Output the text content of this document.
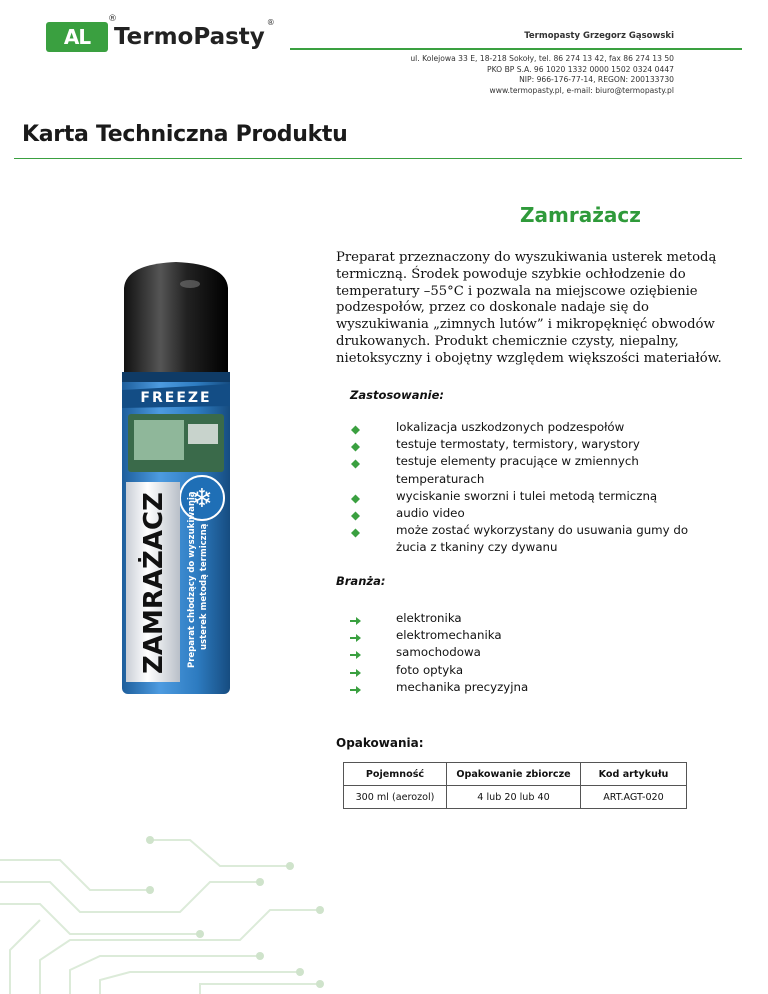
AL
®
TermoPasty
®
Termopasty Grzegorz Gąsowski
ul. Kolejowa 33 E, 18-218 Sokoły, tel. 86 274 13 42, fax 86 274 13 50
PKO BP S.A. 96 1020 1332 0000 1502 0324 0447
NIP: 966-176-77-14, REGON: 200133730
www.termopasty.pl, e-mail: biuro@termopasty.pl
Karta Techniczna Produktu
FREEZE
❄
ZAMRAŻACZ Preparat chłodzący do wyszukiwania usterek metodą termiczną
Zamrażacz
Preparat przeznaczony do wyszukiwania usterek metodą termiczną. Środek powoduje szybkie ochłodzenie do temperatury –55°C i pozwala na miejscowe oziębienie podzespołów, przez co doskonale nadaje się do wyszukiwania „zimnych lutów” i mikropęknięć obwodów drukowanych. Produkt chemicznie czysty, niepalny, nietoksyczny i obojętny względem większości materiałów.
Zastosowanie:
lokalizacja uszkodzonych podzespołów
testuje termostaty, termistory, warystory
testuje elementy pracujące w zmiennych
temperaturach
wyciskanie sworzni i tulei metodą termiczną
audio video
może zostać wykorzystany do usuwania gumy do
żucia z tkaniny czy dywanu
Branża:
elektronika
elektromechanika
samochodowa
foto optyka
mechanika precyzyjna
Opakowania:
Pojemność	Opakowanie zbiorcze	Kod artykułu
300 ml (aerozol)	4 lub 20 lub 40	ART.AGT-020
